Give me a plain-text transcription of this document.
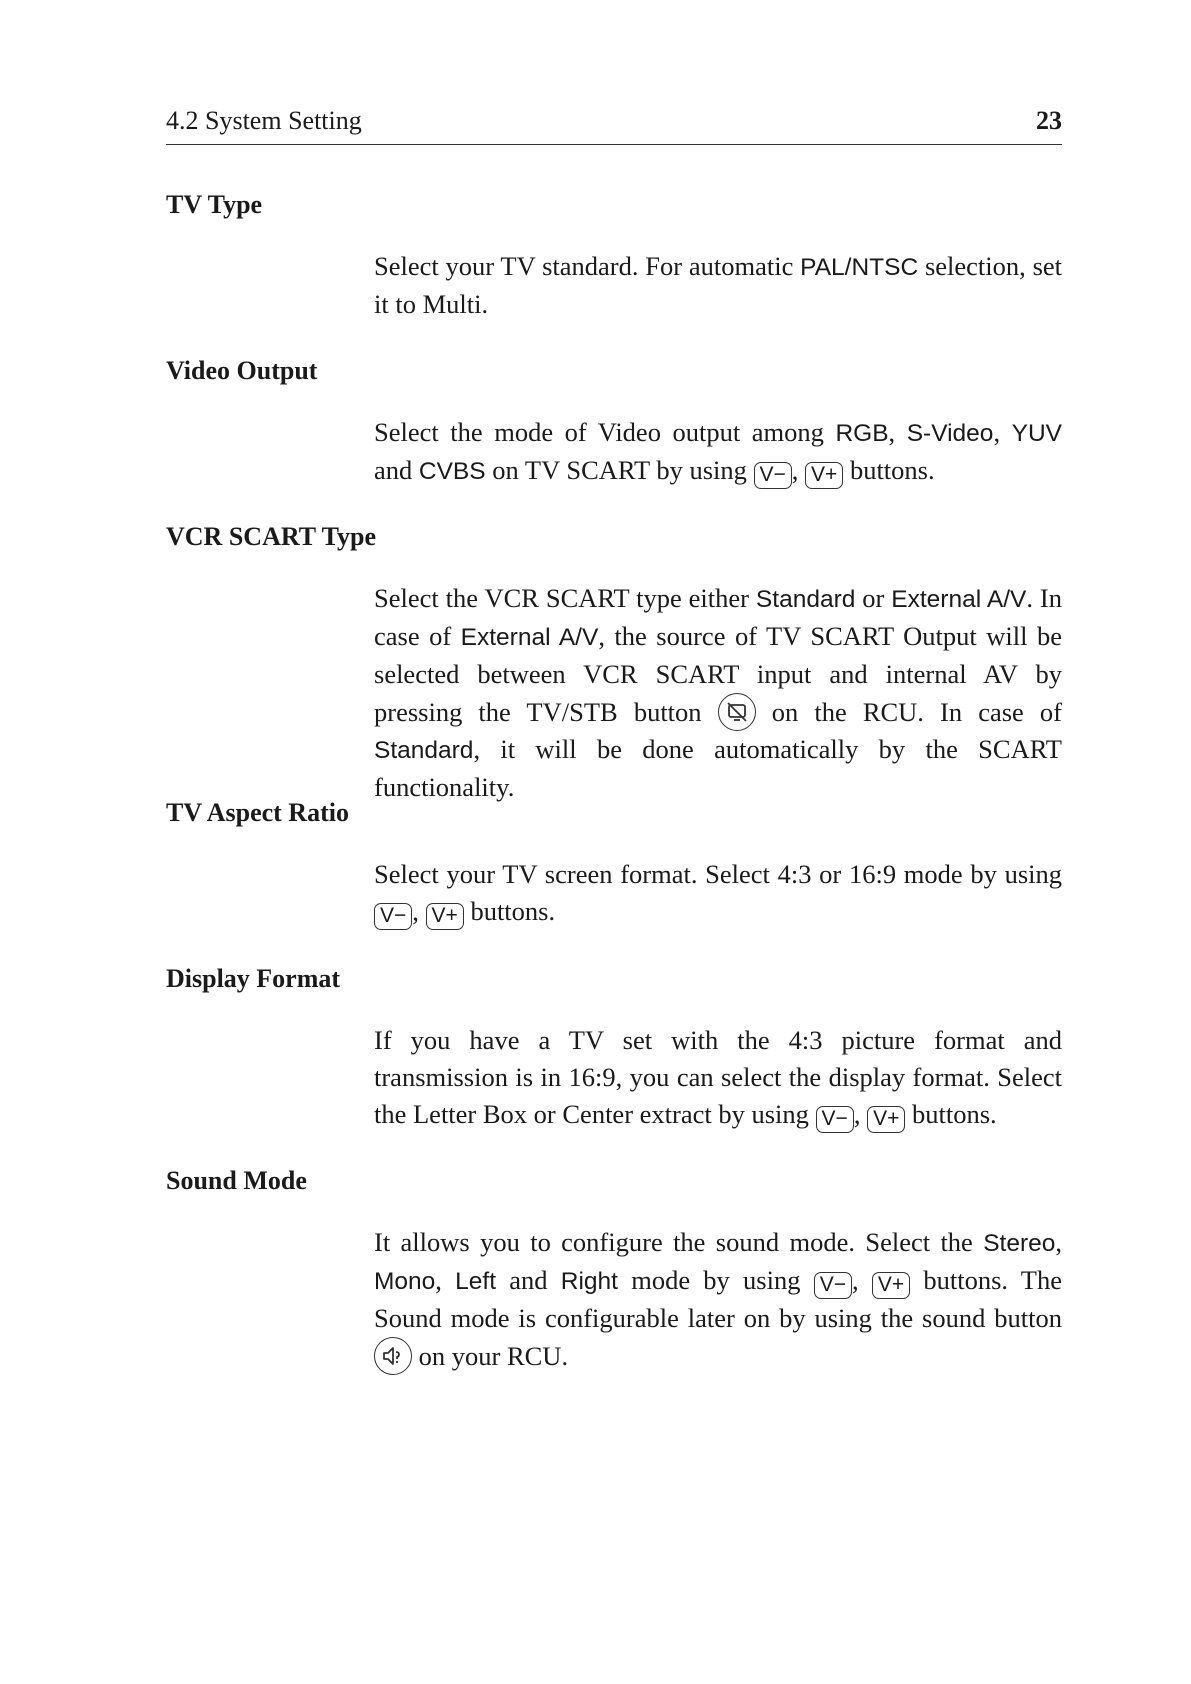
4.2 System Setting	23
TV Type
Select your TV standard. For automatic PAL/NTSC selection, set it to Multi.
Video Output
Select the mode of Video output among RGB, S-Video, YUV and CVBS on TV SCART by using V− , V+ buttons.
VCR SCART Type
Select the VCR SCART type either Standard or External A/V. In case of External A/V, the source of TV SCART Output will be selected between VCR SCART input and internal AV by pressing the TV/STB button
on the RCU. In case of Standard, it will be done automatically by the SCART functionality.
TV Aspect Ratio
Select your TV screen format. Select 4:3 or 16:9 mode by using V− , V+ buttons.
Display Format
If you have a TV set with the 4:3 picture format and transmission is in 16:9, you can select the display format. Select the Letter Box or Center extract by using V− , V+ buttons.
Sound Mode
It allows you to configure the sound mode. Select the Stereo, Mono, Left and Right mode by using V− , V+ buttons. The Sound mode is configurable later on by using the sound button
on your RCU.
